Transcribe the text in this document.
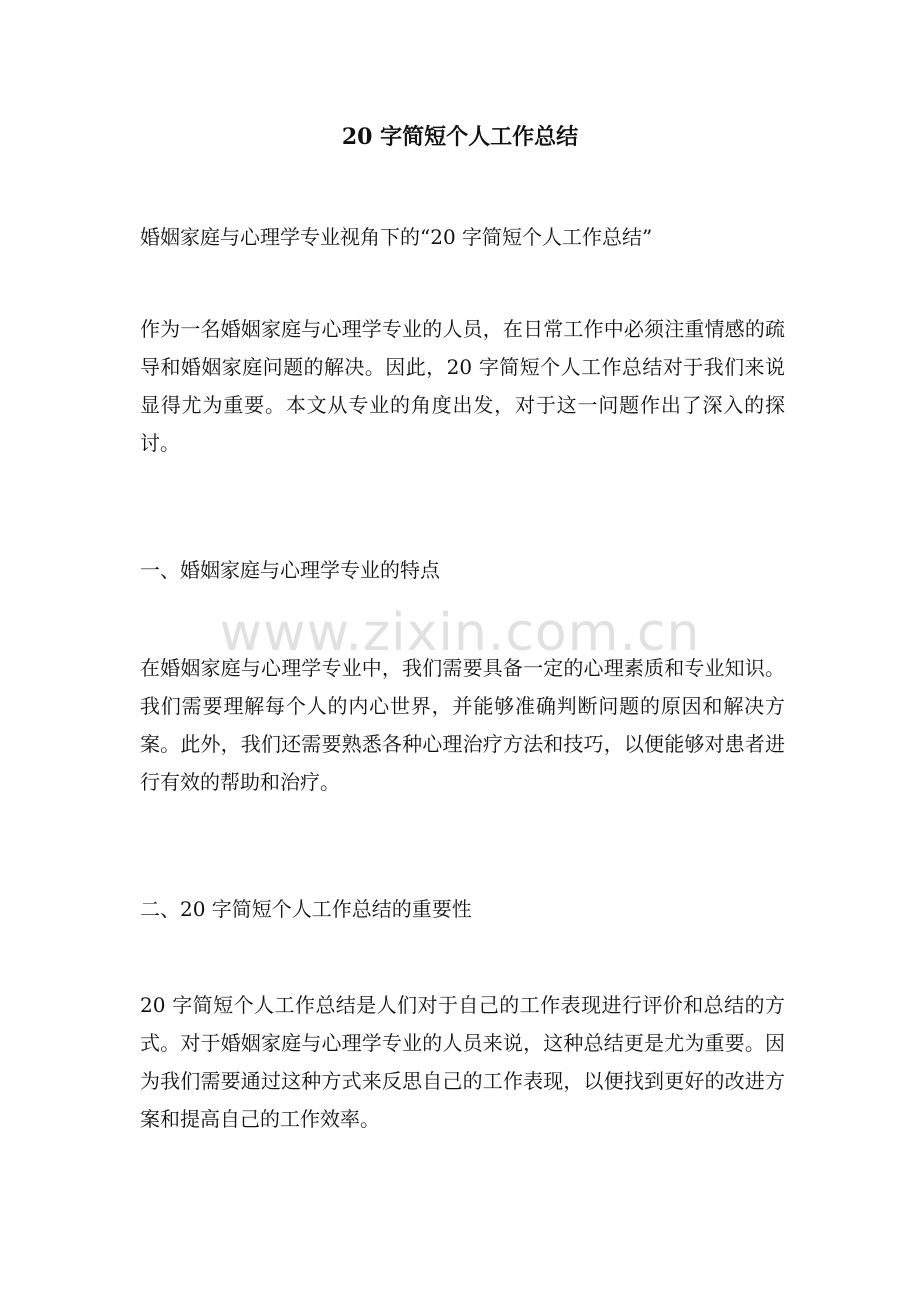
20 字简短个人工作总结

婚姻家庭与心理学专业视角下的“20 字简短个人工作总结”

作为一名婚姻家庭与心理学专业的人员，在日常工作中必须注重情感的疏导和婚姻家庭问题的解决。因此，20 字简短个人工作总结对于我们来说显得尤为重要。本文从专业的角度出发，对于这一问题作出了深入的探讨。

一、婚姻家庭与心理学专业的特点

www.zixin.com.cn

在婚姻家庭与心理学专业中，我们需要具备一定的心理素质和专业知识。我们需要理解每个人的内心世界，并能够准确判断问题的原因和解决方案。此外，我们还需要熟悉各种心理治疗方法和技巧，以便能够对患者进行有效的帮助和治疗。

二、20 字简短个人工作总结的重要性

20 字简短个人工作总结是人们对于自己的工作表现进行评价和总结的方式。对于婚姻家庭与心理学专业的人员来说，这种总结更是尤为重要。因为我们需要通过这种方式来反思自己的工作表现，以便找到更好的改进方案和提高自己的工作效率。
